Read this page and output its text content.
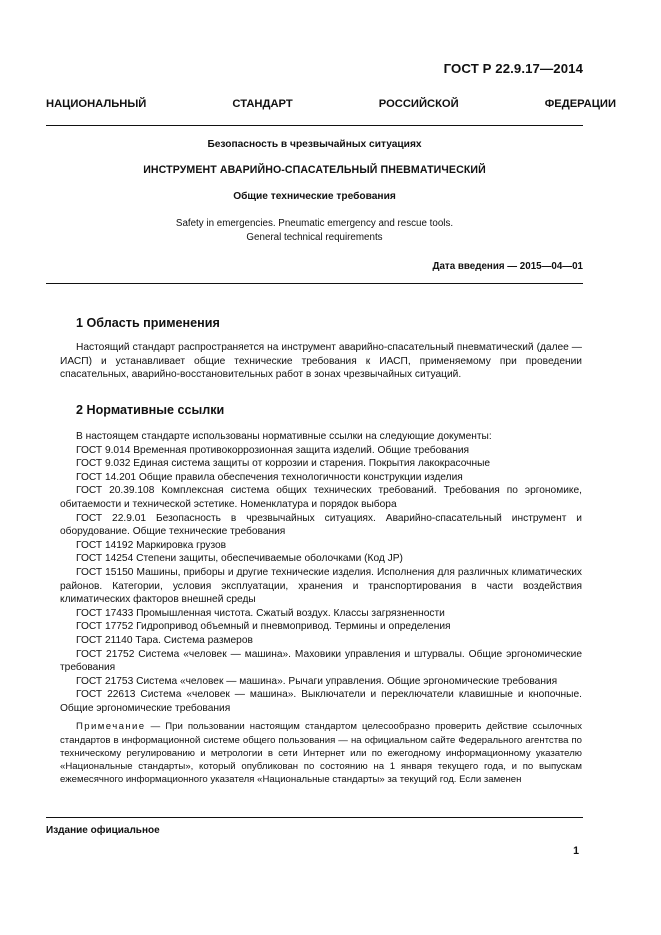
ГОСТ Р 22.9.17—2014
НАЦИОНАЛЬНЫЙ СТАНДАРТ РОССИЙСКОЙ ФЕДЕРАЦИИ
Безопасность в чрезвычайных ситуациях
ИНСТРУМЕНТ АВАРИЙНО-СПАСАТЕЛЬНЫЙ ПНЕВМАТИЧЕСКИЙ
Общие технические требования
Safety in emergencies. Pneumatic emergency and rescue tools.
General technical requirements
Дата введения — 2015—04—01
1 Область применения

Настоящий стандарт распространяется на инструмент аварийно-спасательный пневматический (далее — ИАСП) и устанавливает общие технические требования к ИАСП, применяемому при проведении спасательных, аварийно-восстановительных работ в зонах чрезвычайных ситуаций.

2 Нормативные ссылки

В настоящем стандарте использованы нормативные ссылки на следующие документы:

ГОСТ 9.014 Временная противокоррозионная защита изделий. Общие требования

ГОСТ 9.032 Единая система защиты от коррозии и старения. Покрытия лакокрасочные

ГОСТ 14.201 Общие правила обеспечения технологичности конструкции изделия

ГОСТ 20.39.108 Комплексная система общих технических требований. Требования по эргономике, обитаемости и технической эстетике. Номенклатура и порядок выбора

ГОСТ 22.9.01 Безопасность в чрезвычайных ситуациях. Аварийно-спасательный инструмент и оборудование. Общие технические требования

ГОСТ 14192 Маркировка грузов

ГОСТ 14254 Степени защиты, обеспечиваемые оболочками (Код JP)

ГОСТ 15150 Машины, приборы и другие технические изделия. Исполнения для различных климатических районов. Категории, условия эксплуатации, хранения и транспортирования в части воздействия климатических факторов внешней среды

ГОСТ 17433 Промышленная чистота. Сжатый воздух. Классы загрязненности

ГОСТ 17752 Гидропривод объемный и пневмопривод. Термины и определения

ГОСТ 21140 Тара. Система размеров

ГОСТ 21752 Система «человек — машина». Маховики управления и штурвалы. Общие эргономические требования

ГОСТ 21753 Система «человек — машина». Рычаги управления. Общие эргономические требования

ГОСТ 22613 Система «человек — машина». Выключатели и переключатели клавишные и кнопочные. Общие эргономические требования

Примечание — При пользовании настоящим стандартом целесообразно проверить действие ссылочных стандартов в информационной системе общего пользования — на официальном сайте Федерального агентства по техническому регулированию и метрологии в сети Интернет или по ежегодному информационному указателю «Национальные стандарты», который опубликован по состоянию на 1 января текущего года, и по выпускам ежемесячного информационного указателя «Национальные стандарты» за текущий год. Если заменен

Издание официальное
1
